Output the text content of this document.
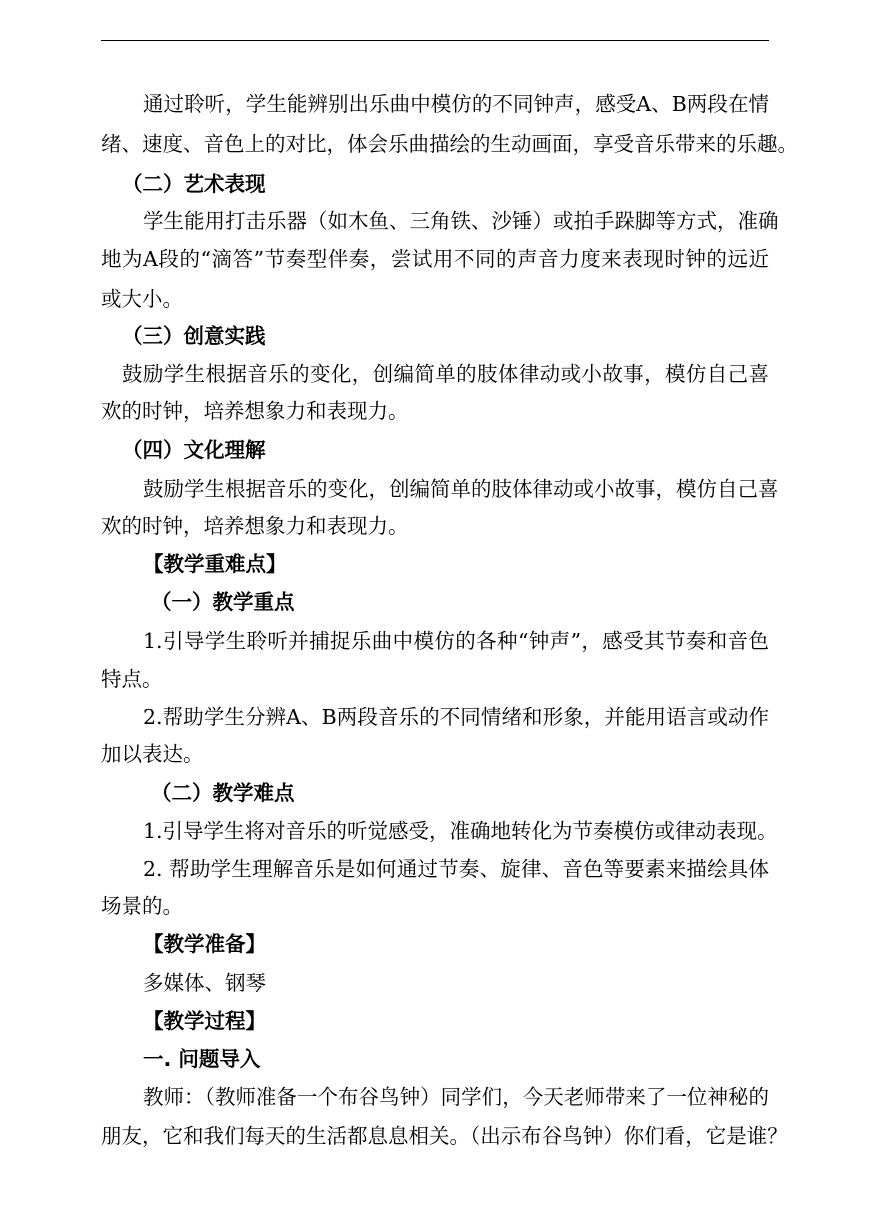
通过聆听，学生能辨别出乐曲中模仿的不同钟声，感受A、B两段在情
绪、速度、音色上的对比，体会乐曲描绘的生动画面，享受音乐带来的乐趣。
（二）艺术表现
学生能用打击乐器（如木鱼、三角铁、沙锤）或拍手跺脚等方式，准确
地为A段的“滴答”节奏型伴奏，尝试用不同的声音力度来表现时钟的远近
或大小。
（三）创意实践
鼓励学生根据音乐的变化，创编简单的肢体律动或小故事，模仿自己喜
欢的时钟，培养想象力和表现力。
（四）文化理解
鼓励学生根据音乐的变化，创编简单的肢体律动或小故事，模仿自己喜
欢的时钟，培养想象力和表现力。
【教学重难点】
（一）教学重点
1.引导学生聆听并捕捉乐曲中模仿的各种“钟声”，感受其节奏和音色
特点。
2.帮助学生分辨A、B两段音乐的不同情绪和形象，并能用语言或动作
加以表达。
（二）教学难点
1.引导学生将对音乐的听觉感受，准确地转化为节奏模仿或律动表现。
2. 帮助学生理解音乐是如何通过节奏、旋律、音色等要素来描绘具体
场景的。
【教学准备】
多媒体、钢琴
【教学过程】
一. 问题导入
教师：（教师准备一个布谷鸟钟）同学们，今天老师带来了一位神秘的
朋友，它和我们每天的生活都息息相关。（出示布谷鸟钟）你们看，它是谁？
